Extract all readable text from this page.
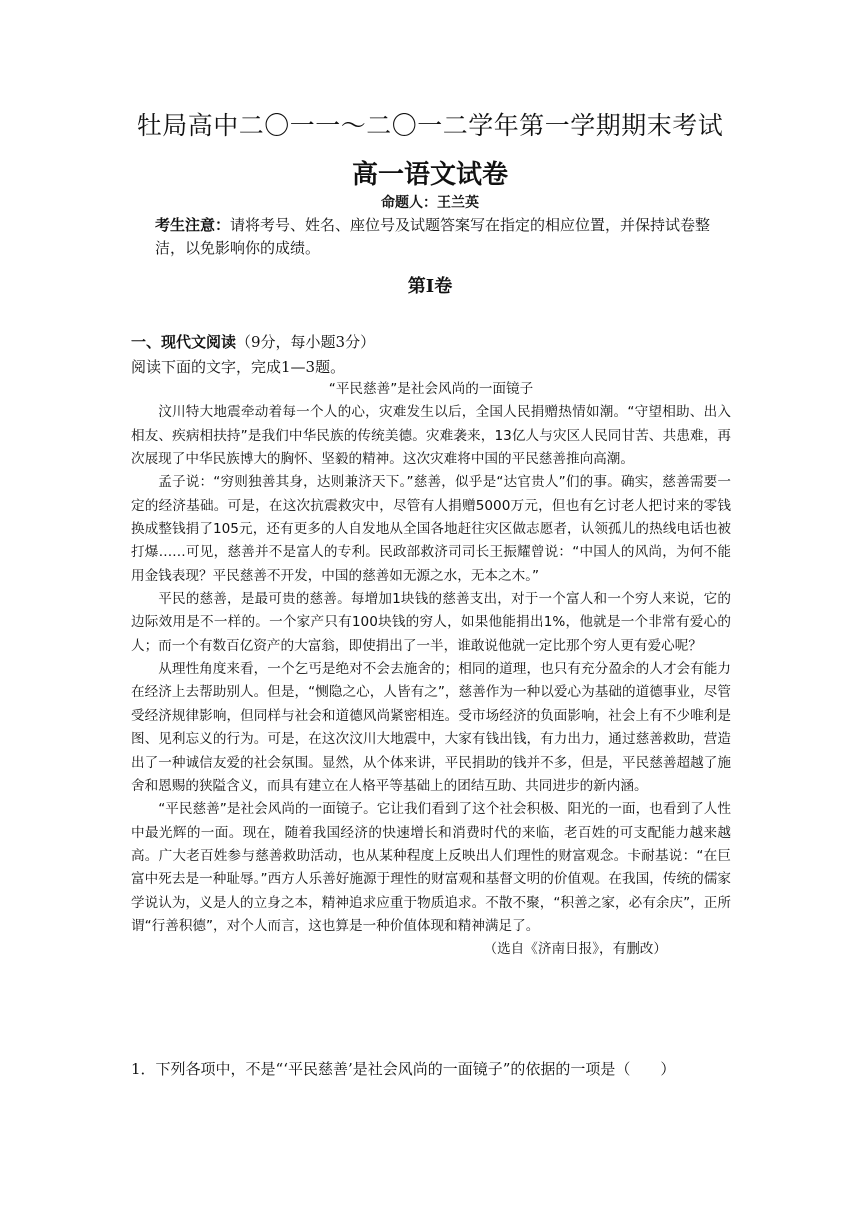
牡局高中二〇一一～二〇一二学年第一学期期末考试
高一语文试卷
命题人：王兰英
考生注意：请将考号、姓名、座位号及试题答案写在指定的相应位置，并保持试卷整
洁，以免影响你的成绩。
第Ⅰ卷
一、现代文阅读（9分，每小题3分）
阅读下面的文字，完成1—3题。
“平民慈善”是社会风尚的一面镜子

汶川特大地震牵动着每一个人的心，灾难发生以后，全国人民捐赠热情如潮。“守望相助、出入相友、疾病相扶持”是我们中华民族的传统美德。灾难袭来，13亿人与灾区人民同甘苦、共患难，再次展现了中华民族博大的胸怀、坚毅的精神。这次灾难将中国的平民慈善推向高潮。

孟子说：“穷则独善其身，达则兼济天下。”慈善，似乎是“达官贵人”们的事。确实，慈善需要一定的经济基础。可是，在这次抗震救灾中，尽管有人捐赠5000万元，但也有乞讨老人把讨来的零钱换成整钱捐了105元，还有更多的人自发地从全国各地赶往灾区做志愿者，认领孤儿的热线电话也被打爆……可见，慈善并不是富人的专利。民政部救济司司长王振耀曾说：“中国人的风尚，为何不能用金钱表现？平民慈善不开发，中国的慈善如无源之水，无本之木。”

平民的慈善，是最可贵的慈善。每增加1块钱的慈善支出，对于一个富人和一个穷人来说，它的边际效用是不一样的。一个家产只有100块钱的穷人，如果他能捐出1%，他就是一个非常有爱心的人；而一个有数百亿资产的大富翁，即使捐出了一半，谁敢说他就一定比那个穷人更有爱心呢？

从理性角度来看，一个乞丐是绝对不会去施舍的；相同的道理，也只有充分盈余的人才会有能力在经济上去帮助别人。但是，“恻隐之心，人皆有之”，慈善作为一种以爱心为基础的道德事业，尽管受经济规律影响，但同样与社会和道德风尚紧密相连。受市场经济的负面影响，社会上有不少唯利是图、见利忘义的行为。可是，在这次汶川大地震中，大家有钱出钱，有力出力，通过慈善救助，营造出了一种诚信友爱的社会氛围。显然，从个体来讲，平民捐助的钱并不多，但是，平民慈善超越了施舍和恩赐的狭隘含义，而具有建立在人格平等基础上的团结互助、共同进步的新内涵。

“平民慈善”是社会风尚的一面镜子。它让我们看到了这个社会积极、阳光的一面，也看到了人性中最光辉的一面。现在，随着我国经济的快速增长和消费时代的来临，老百姓的可支配能力越来越高。广大老百姓参与慈善救助活动，也从某种程度上反映出人们理性的财富观念。卡耐基说：“在巨富中死去是一种耻辱。”西方人乐善好施源于理性的财富观和基督文明的价值观。在我国，传统的儒家学说认为，义是人的立身之本，精神追求应重于物质追求。不散不聚，“积善之家，必有余庆”，正所谓“行善积德”，对个人而言，这也算是一种价值体现和精神满足了。

（选自《济南日报》，有删改）
1．下列各项中，不是“‘平民慈善’是社会风尚的一面镜子”的依据的一项是（　　）
